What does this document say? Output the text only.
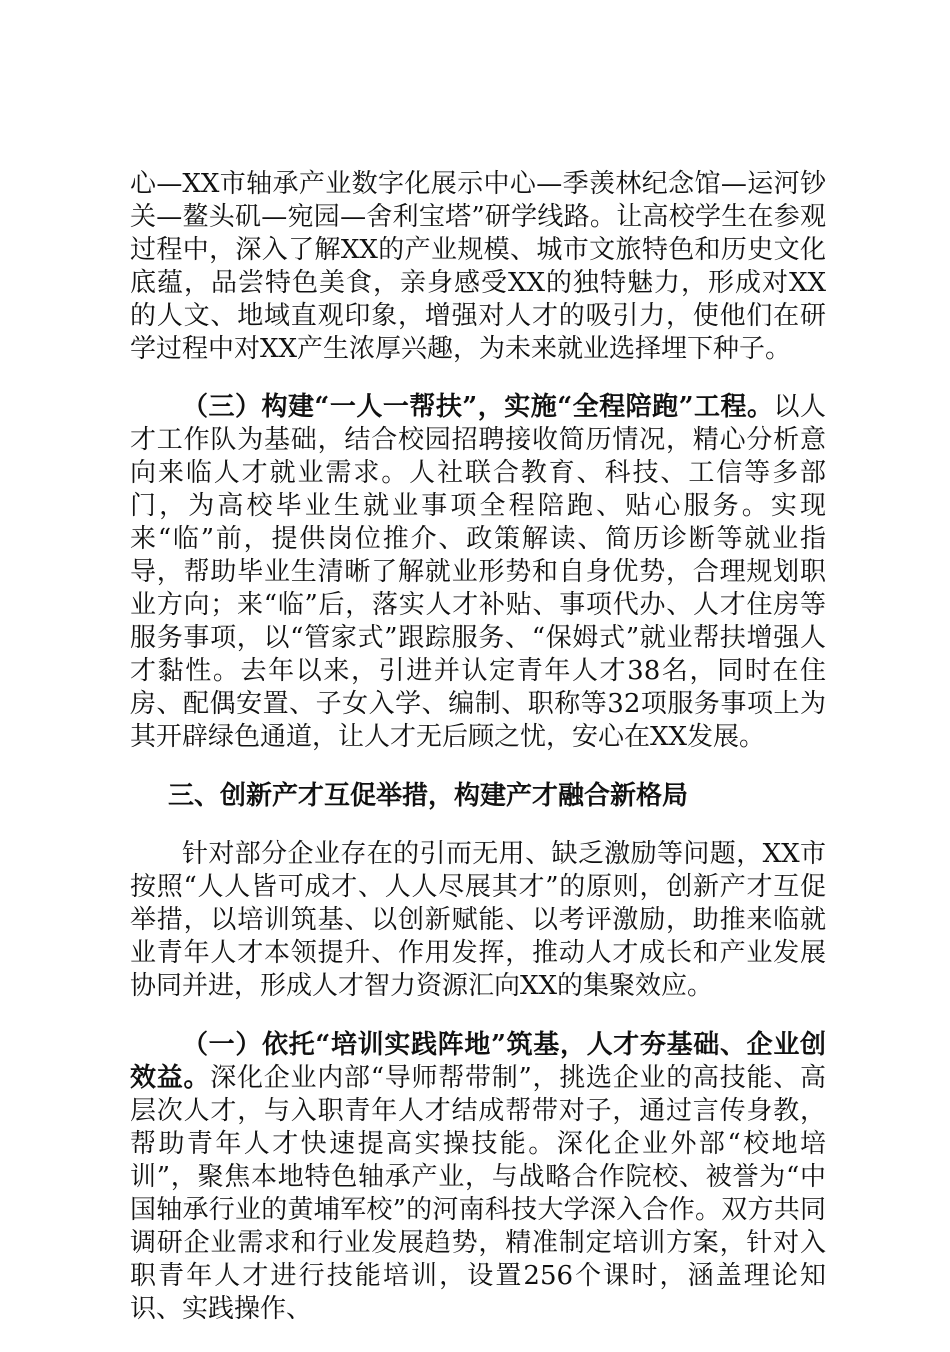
心—XX市轴承产业数字化展示中心—季羡林纪念馆—运河钞关—鳌头矶—宛园—舍利宝塔”研学线路。让高校学生在参观过程中，深入了解XX的产业规模、城市文旅特色和历史文化底蕴，品尝特色美食，亲身感受XX的独特魅力，形成对XX的人文、地域直观印象，增强对人才的吸引力，使他们在研学过程中对XX产生浓厚兴趣，为未来就业选择埋下种子。

（三）构建“一人一帮扶”，实施“全程陪跑”工程。以人才工作队为基础，结合校园招聘接收简历情况，精心分析意向来临人才就业需求。人社联合教育、科技、工信等多部门，为高校毕业生就业事项全程陪跑、贴心服务。实现来“临”前，提供岗位推介、政策解读、简历诊断等就业指导，帮助毕业生清晰了解就业形势和自身优势，合理规划职业方向；来“临”后，落实人才补贴、事项代办、人才住房等服务事项，以“管家式”跟踪服务、“保姆式”就业帮扶增强人才黏性。去年以来，引进并认定青年人才38名，同时在住房、配偶安置、子女入学、编制、职称等32项服务事项上为其开辟绿色通道，让人才无后顾之忧，安心在XX发展。

三、创新产才互促举措，构建产才融合新格局

针对部分企业存在的引而无用、缺乏激励等问题，XX市按照“人人皆可成才、人人尽展其才”的原则，创新产才互促举措，以培训筑基、以创新赋能、以考评激励，助推来临就业青年人才本领提升、作用发挥，推动人才成长和产业发展协同并进，形成人才智力资源汇向XX的集聚效应。

（一）依托“培训实践阵地”筑基，人才夯基础、企业创效益。深化企业内部“导师帮带制”，挑选企业的高技能、高层次人才，与入职青年人才结成帮带对子，通过言传身教，帮助青年人才快速提高实操技能。深化企业外部“校地培训”，聚焦本地特色轴承产业，与战略合作院校、被誉为“中国轴承行业的黄埔军校”的河南科技大学深入合作。双方共同调研企业需求和行业发展趋势，精准制定培训方案，针对入职青年人才进行技能培训，设置256个课时，涵盖理论知识、实践操作、
